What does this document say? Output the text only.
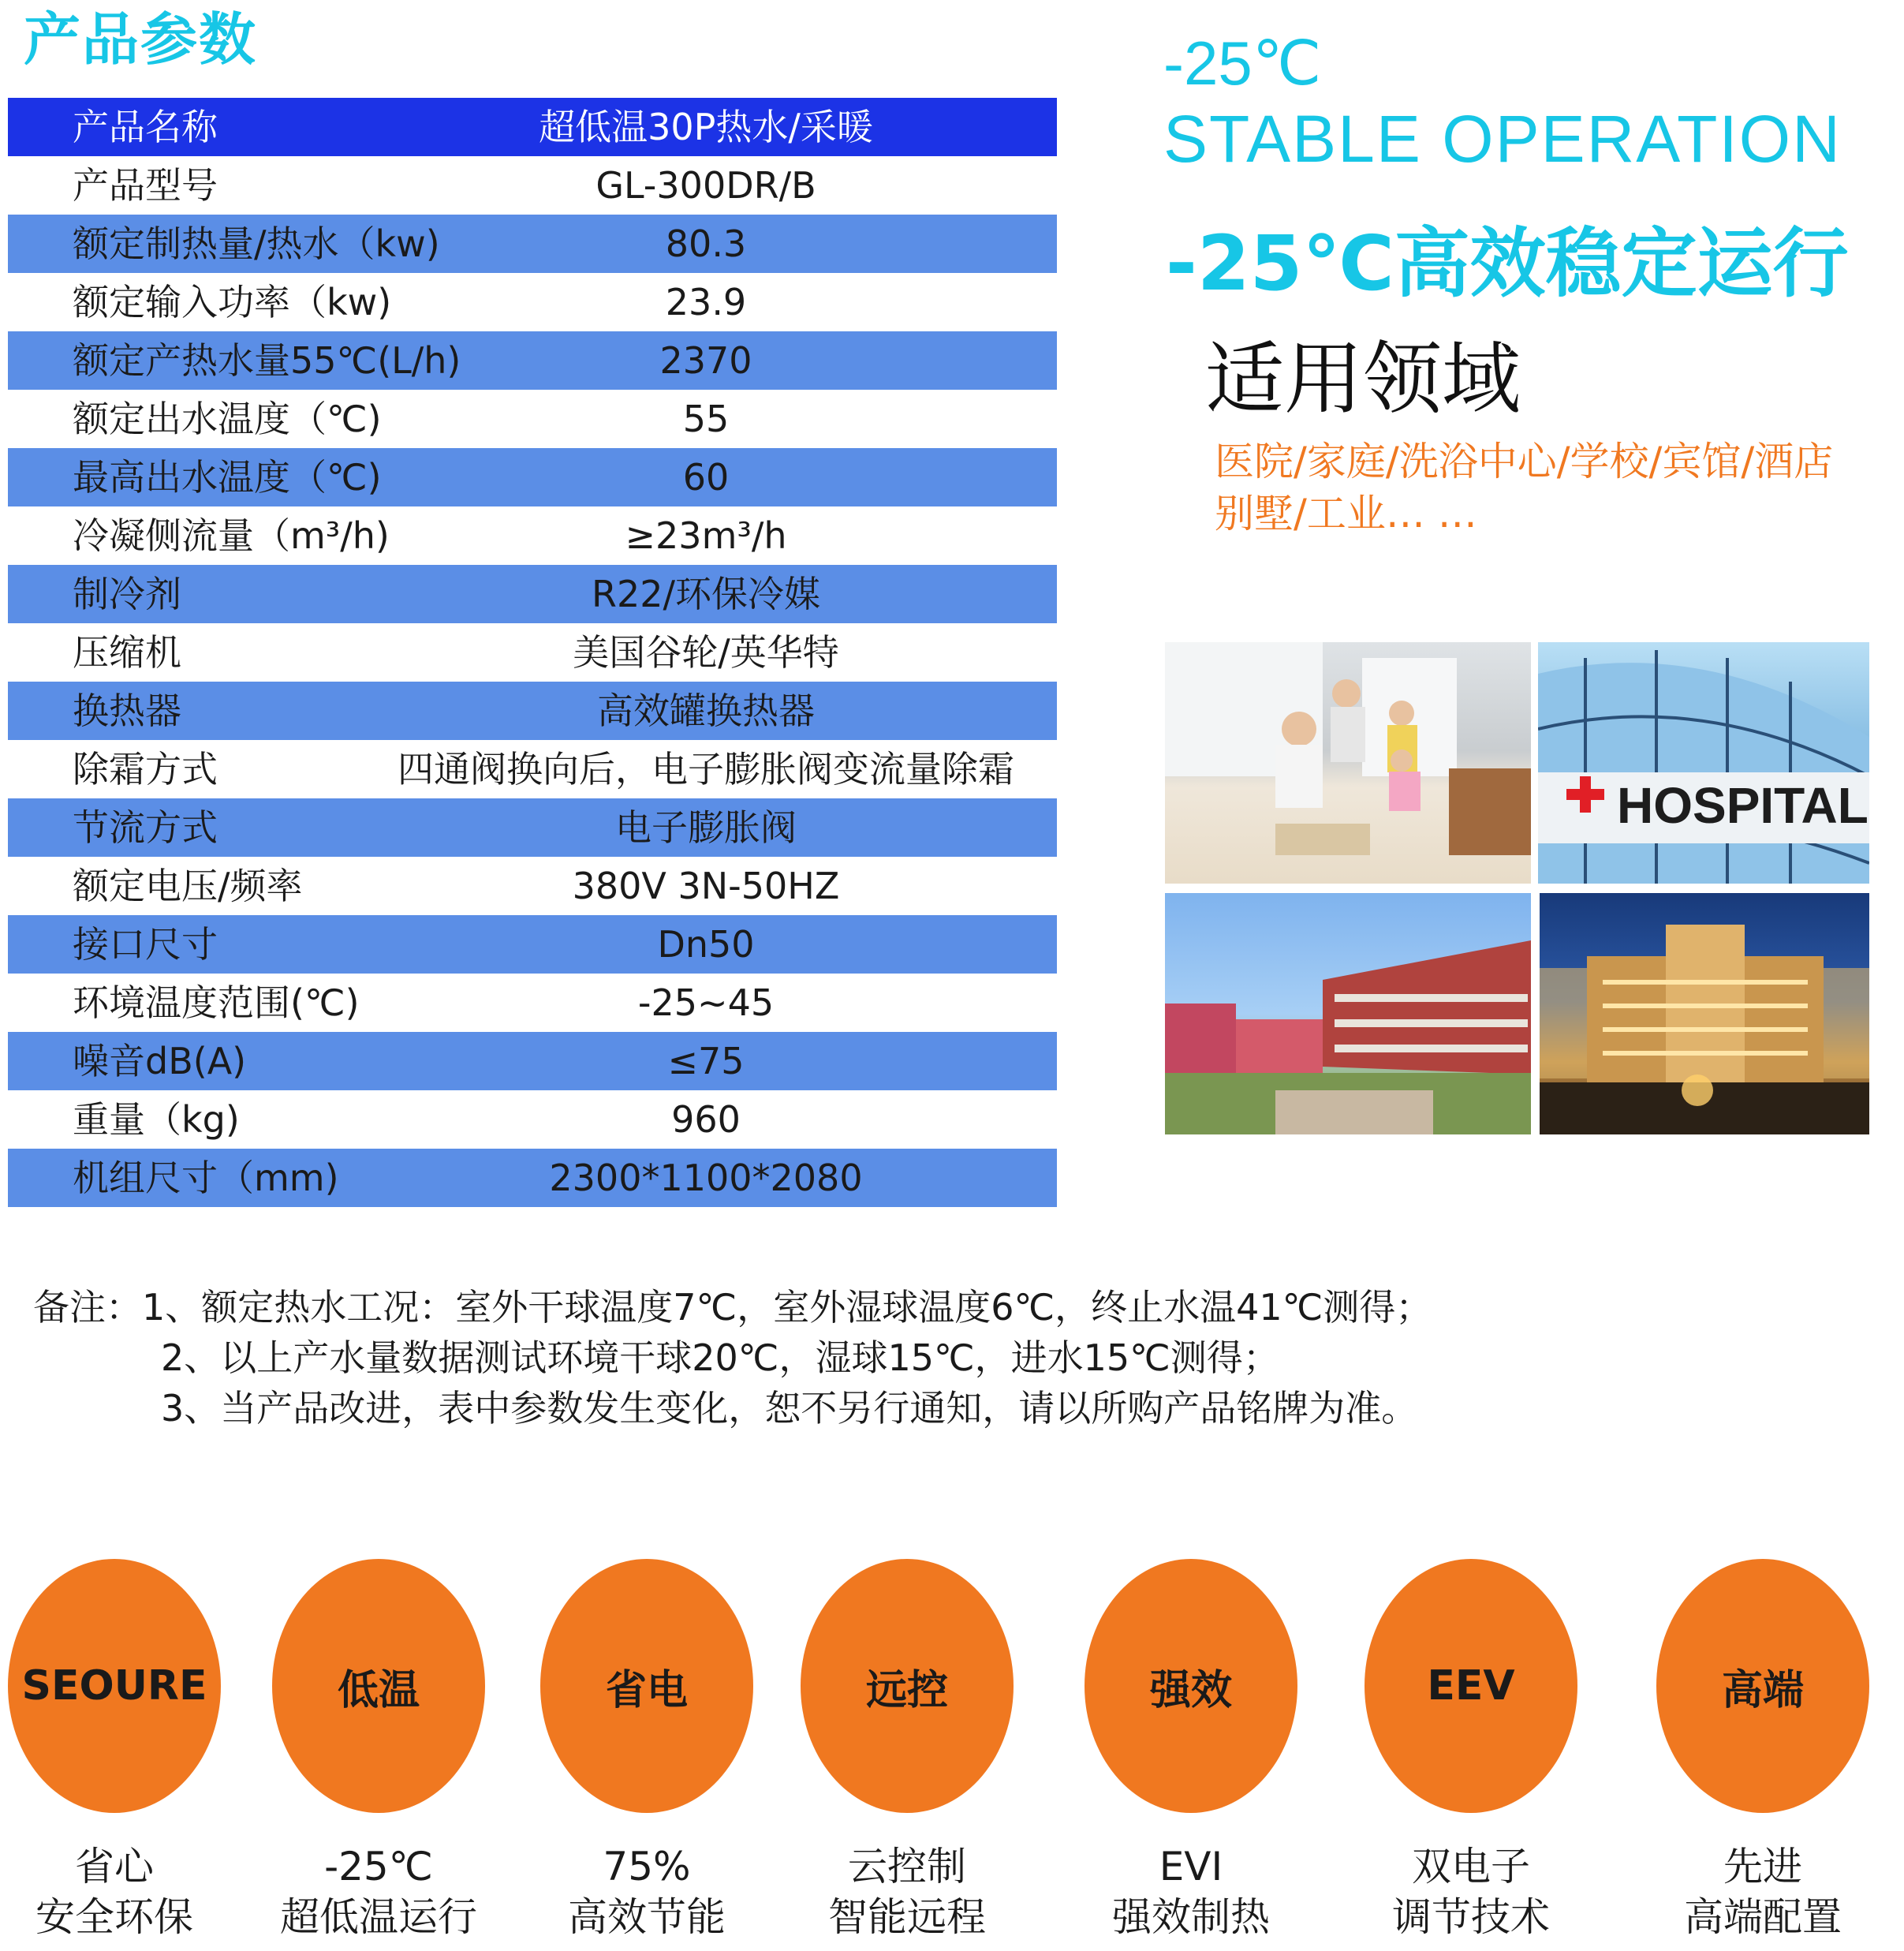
产品参数
产品名称	超低温30P热水/采暖
产品型号	GL-300DR/B
额定制热量/热水（kw)	80.3
额定输入功率（kw)	23.9
额定产热水量55℃(L/h)	2370
额定出水温度（℃)	55
最高出水温度（℃)	60
冷凝侧流量（m³/h)	≥23m³/h
制冷剂	R22/环保冷媒
压缩机	美国谷轮/英华特
换热器	高效罐换热器
除霜方式	四通阀换向后，电子膨胀阀变流量除霜
节流方式	电子膨胀阀
额定电压/频率	380V 3N-50HZ
接口尺寸	Dn50
环境温度范围(℃)	-25~45
噪音dB(A)	≤75
重量（kg)	960
机组尺寸（mm)	2300*1100*2080
-25℃
STABLE OPERATION
-25℃高效稳定运行
适用领域
医院/家庭/洗浴中心/学校/宾馆/酒店
别墅/工业… …
HOSPITAL
备注：1、额定热水工况：室外干球温度7℃，室外湿球温度6℃，终止水温41℃测得；
2、以上产水量数据测试环境干球20℃，湿球15℃，进水15℃测得；
3、当产品改进，表中参数发生变化，恕不另行通知，请以所购产品铭牌为准。
SEOURE
省心
安全环保
低温
-25℃
超低温运行
省电
75%
高效节能
远控
云控制
智能远程
强效
EVI
强效制热
EEV
双电子
调节技术
高端
先进
高端配置
